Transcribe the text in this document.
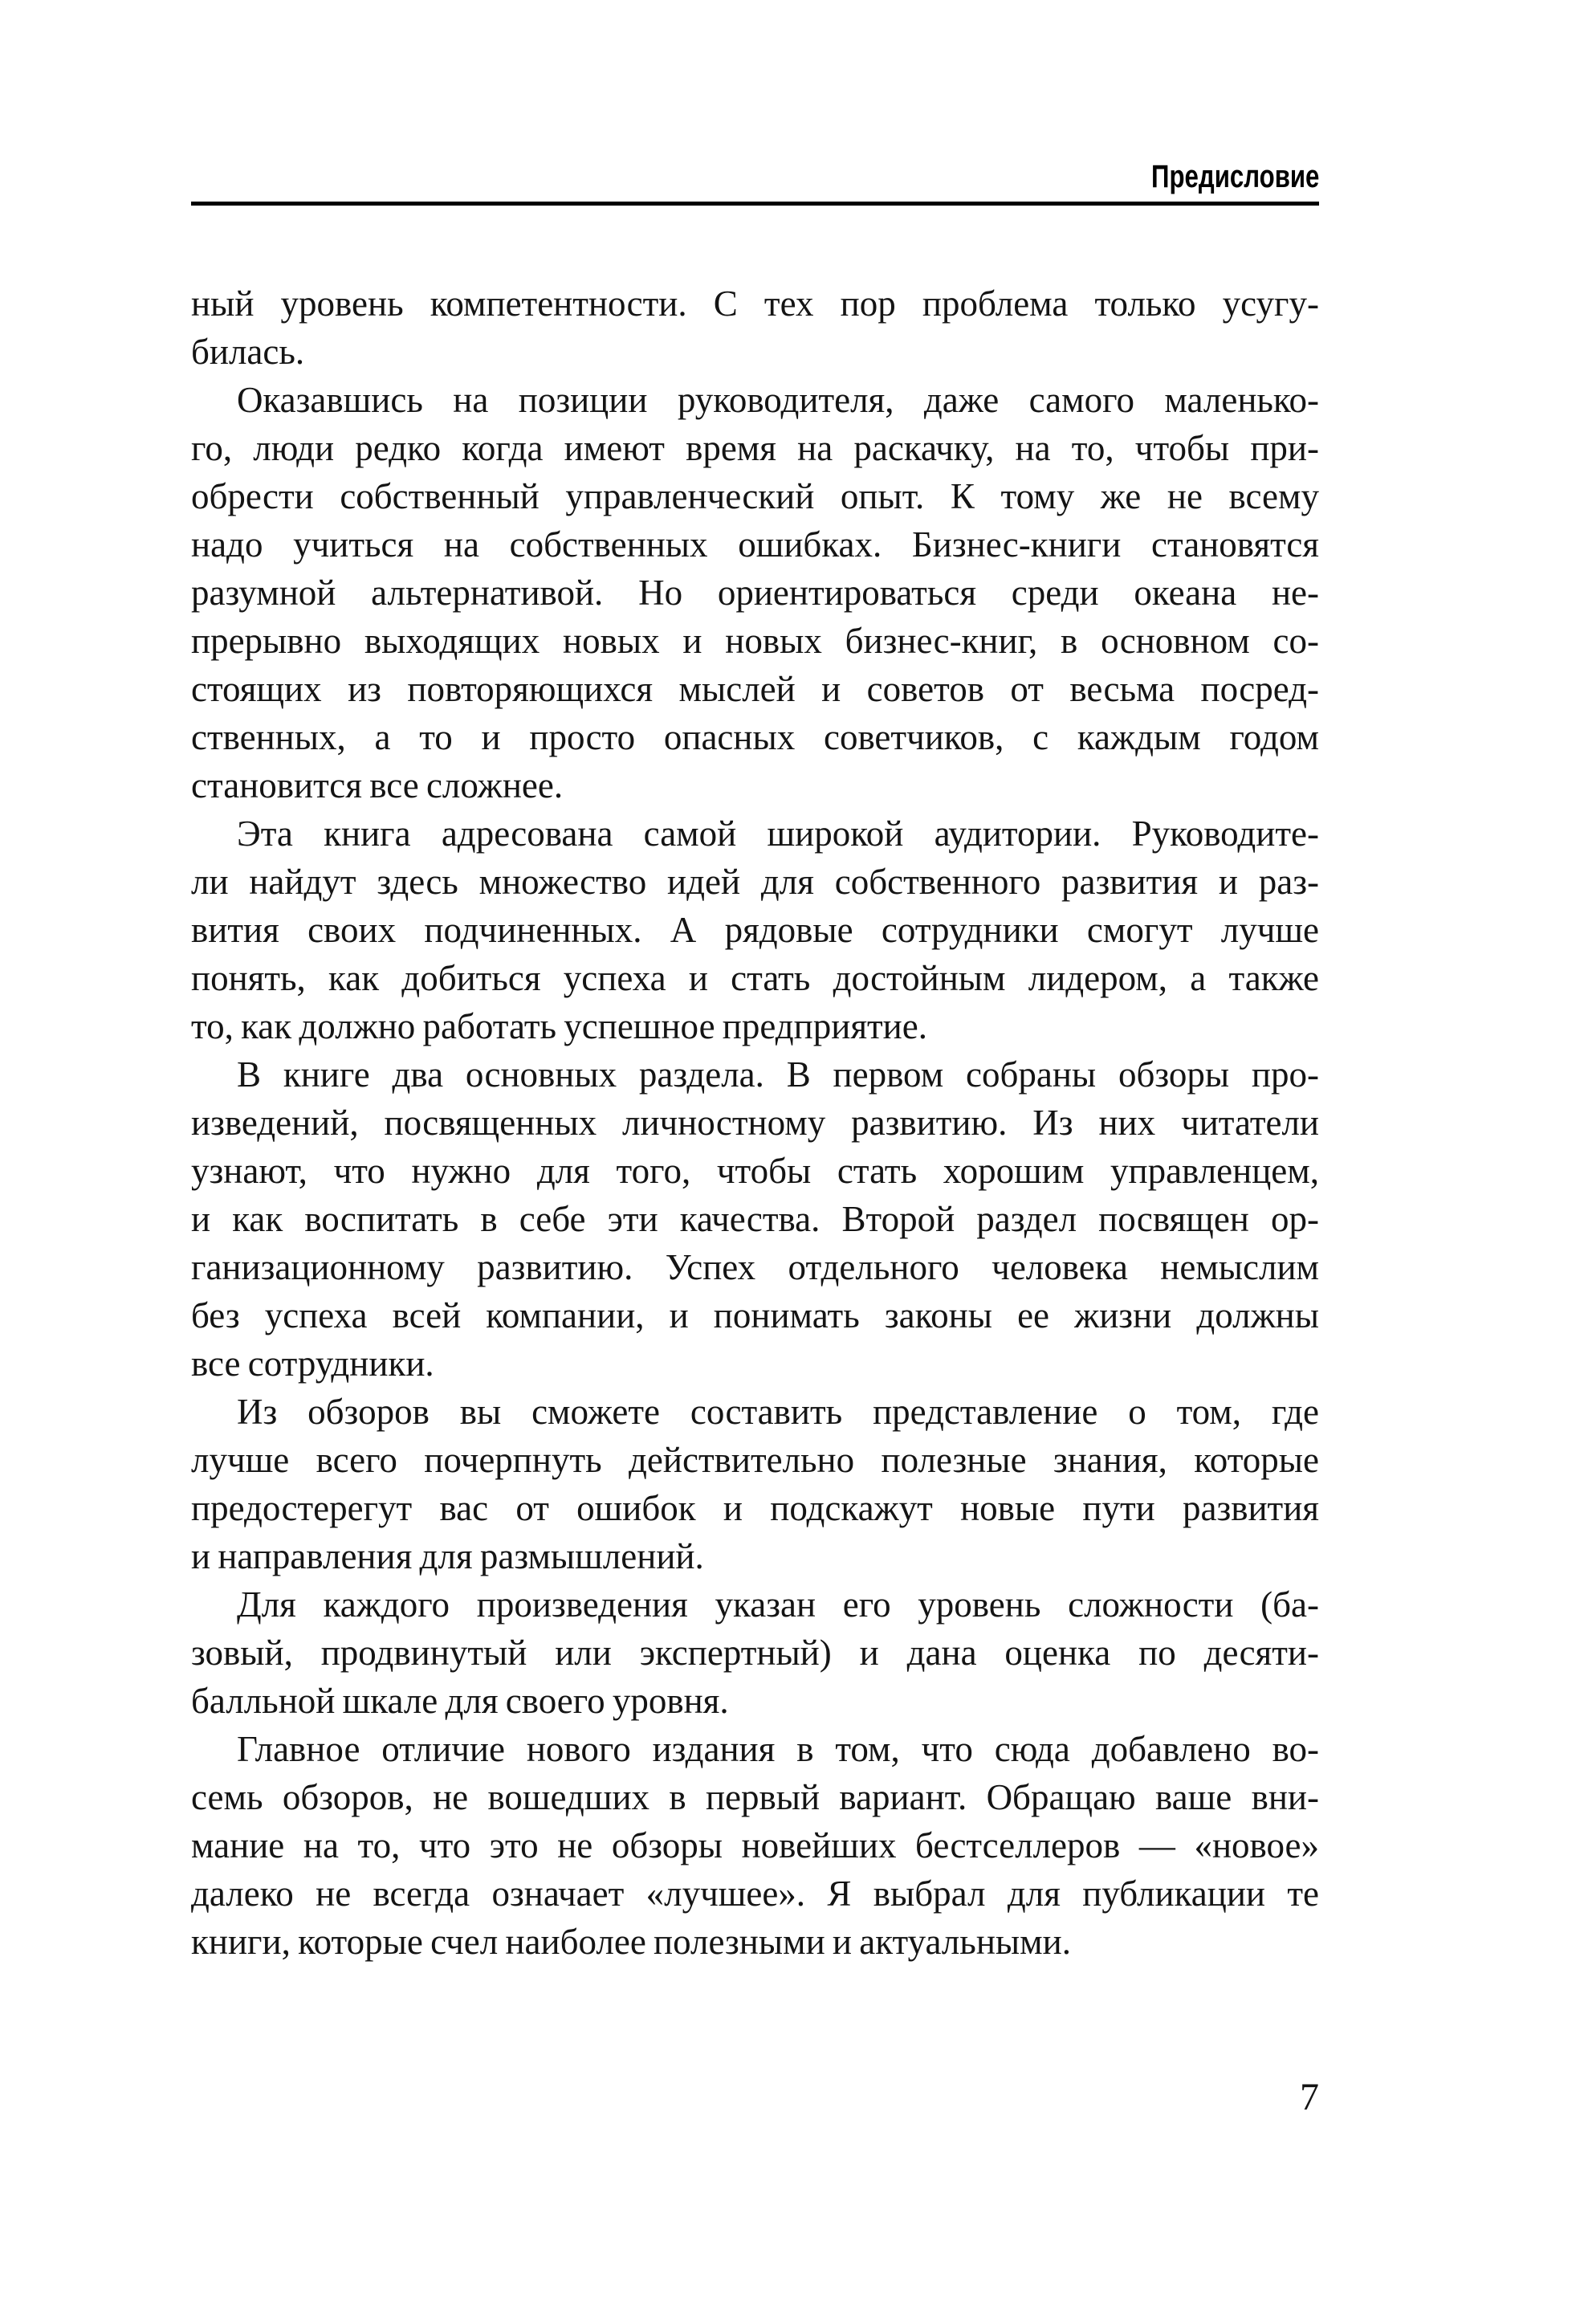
Предисловие
ный уровень компетентности. С тех пор проблема только усугу-
билась.
Оказавшись на позиции руководителя, даже самого маленько-
го, люди редко когда имеют время на раскачку, на то, чтобы при-
обрести собственный управленческий опыт. К тому же не всему
надо учиться на собственных ошибках. Бизнес-книги становятся
разумной альтернативой. Но ориентироваться среди океана не-
прерывно выходящих новых и новых бизнес-книг, в основном со-
стоящих из повторяющихся мыслей и советов от весьма посред-
ственных, а то и просто опасных советчиков, с каждым годом
становится все сложнее.
Эта книга адресована самой широкой аудитории. Руководите-
ли найдут здесь множество идей для собственного развития и раз-
вития своих подчиненных. А рядовые сотрудники смогут лучше
понять, как добиться успеха и стать достойным лидером, а также
то, как должно работать успешное предприятие.
В книге два основных раздела. В первом собраны обзоры про-
изведений, посвященных личностному развитию. Из них читатели
узнают, что нужно для того, чтобы стать хорошим управленцем,
и как воспитать в себе эти качества. Второй раздел посвящен ор-
ганизационному развитию. Успех отдельного человека немыслим
без успеха всей компании, и понимать законы ее жизни должны
все сотрудники.
Из обзоров вы сможете составить представление о том, где
лучше всего почерпнуть действительно полезные знания, которые
предостерегут вас от ошибок и подскажут новые пути развития
и направления для размышлений.
Для каждого произведения указан его уровень сложности (ба-
зовый, продвинутый или экспертный) и дана оценка по десяти-
балльной шкале для своего уровня.
Главное отличие нового издания в том, что сюда добавлено во-
семь обзоров, не вошедших в первый вариант. Обращаю ваше вни-
мание на то, что это не обзоры новейших бестселлеров — «новое»
далеко не всегда означает «лучшее». Я выбрал для публикации те
книги, которые счел наиболее полезными и актуальными.
7
